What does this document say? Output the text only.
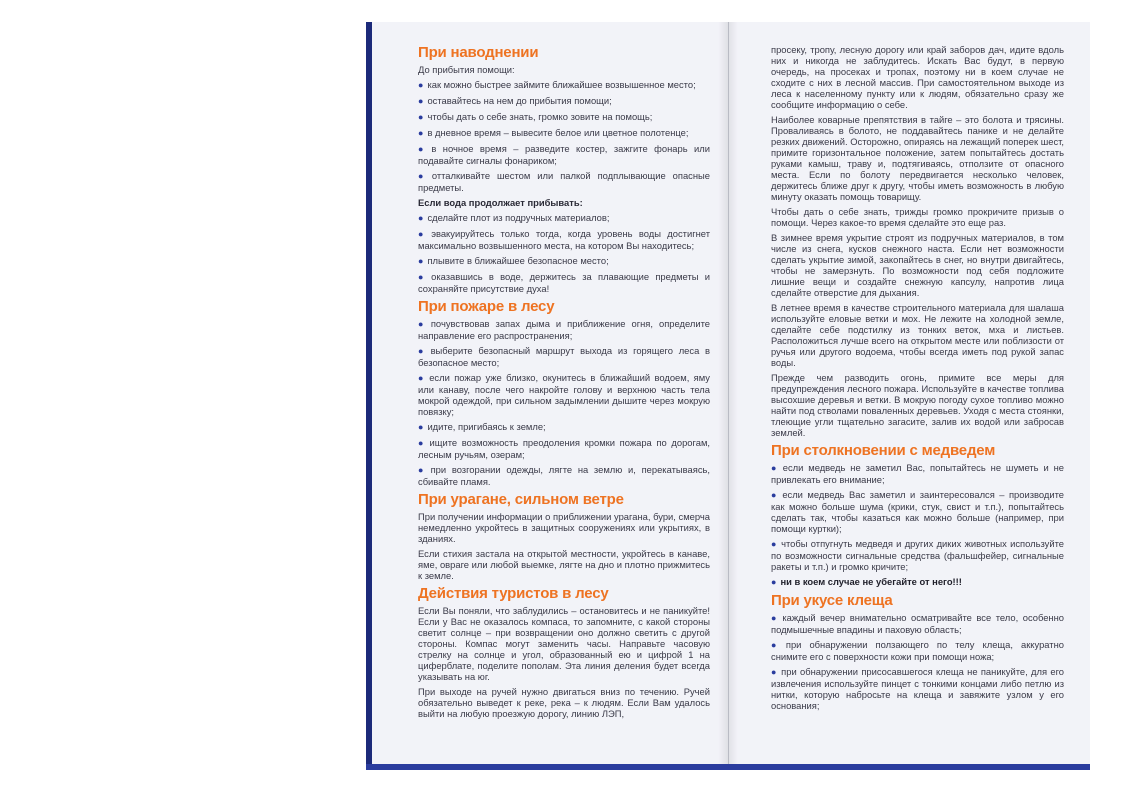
При наводнении

До прибытия помощи:

● как можно быстрее займите ближайшее возвышенное место;
● оставайтесь на нем до прибытия помощи;
● чтобы дать о себе знать, громко зовите на помощь;
● в дневное время – вывесите белое или цветное полотенце;
● в ночное время – разведите костер, зажгите фонарь или подавайте сигналы фонариком;
● отталкивайте шестом или палкой подплывающие опасные предметы.

Если вода продолжает прибывать:

● сделайте плот из подручных материалов;
● эвакуируйтесь только тогда, когда уровень воды достигнет максимально возвышенного места, на котором Вы находитесь;
● плывите в ближайшее безопасное место;
● оказавшись в воде, держитесь за плавающие предметы и сохраняйте присутствие духа!
При пожаре в лесу
● почувствовав запах дыма и приближение огня, определите направление его распространения;
● выберите безопасный маршрут выхода из горящего леса в безопасное место;
● если пожар уже близко, окунитесь в ближайший водоем, яму или канаву, после чего накройте голову и верхнюю часть тела мокрой одеждой, при сильном задымлении дышите через мокрую повязку;
● идите, пригибаясь к земле;
● ищите возможность преодоления кромки пожара по дорогам, лесным ручьям, озерам;
● при возгорании одежды, лягте на землю и, перекатываясь, сбивайте пламя.
При урагане, сильном ветре

При получении информации о приближении урагана, бури, смерча немедленно укройтесь в защитных сооружениях или укрытиях, в зданиях.

Если стихия застала на открытой местности, укройтесь в канаве, яме, овраге или любой выемке, лягте на дно и плотно прижмитесь к земле.

Действия туристов в лесу

Если Вы поняли, что заблудились – остановитесь и не паникуйте! Если у Вас не оказалось компаса, то запомните, с какой стороны светит солнце – при возвращении оно должно светить с другой стороны. Компас могут заменить часы. Направьте часовую стрелку на солнце и угол, образованный ею и цифрой 1 на циферблате, поделите пополам. Эта линия деления будет всегда указывать на юг.

При выходе на ручей нужно двигаться вниз по течению. Ручей обязательно выведет к реке, река – к людям. Если Вам удалось выйти на любую проезжую дорогу, линию ЛЭП,

просеку, тропу, лесную дорогу или край заборов дач, идите вдоль них и никогда не заблудитесь. Искать Вас будут, в первую очередь, на просеках и тропах, поэтому ни в коем случае не сходите с них в лесной массив. При самостоятельном выходе из леса к населенному пункту или к людям, обязательно сразу же сообщите информацию о себе.

Наиболее коварные препятствия в тайге – это болота и трясины. Проваливаясь в болото, не поддавайтесь панике и не делайте резких движений. Осторожно, опираясь на лежащий поперек шест, примите горизонтальное положение, затем попытайтесь достать руками камыш, траву и, подтягиваясь, отползите от опасного места. Если по болоту передвигается несколько человек, держитесь ближе друг к другу, чтобы иметь возможность в любую минуту оказать помощь товарищу.

Чтобы дать о себе знать, трижды громко прокричите призыв о помощи. Через какое-то время сделайте это еще раз.

В зимнее время укрытие строят из подручных материалов, в том числе из снега, кусков снежного наста. Если нет возможности сделать укрытие зимой, закопайтесь в снег, но внутри двигайтесь, чтобы не замерзнуть. По возможности под себя подложите лишние вещи и создайте снежную капсулу, напротив лица сделайте отверстие для дыхания.

В летнее время в качестве строительного материала для шалаша используйте еловые ветки и мох. Не лежите на холодной земле, сделайте себе подстилку из тонких веток, мха и листьев. Расположиться лучше всего на открытом месте или поблизости от ручья или другого водоема, чтобы всегда иметь под рукой запас воды.

Прежде чем разводить огонь, примите все меры для предупреждения лесного пожара. Используйте в качестве топлива высохшие деревья и ветки. В мокрую погоду сухое топливо можно найти под стволами поваленных деревьев. Уходя с места стоянки, тлеющие угли тщательно загасите, залив их водой или забросав землей.

При столкновении с медведем
● если медведь не заметил Вас, попытайтесь не шуметь и не привлекать его внимание;
● если медведь Вас заметил и заинтересовался – производите как можно больше шума (крики, стук, свист и т.п.), попытайтесь сделать так, чтобы казаться как можно больше (например, при помощи куртки);
● чтобы отпугнуть медведя и других диких животных используйте по возможности сигнальные средства (фальшфейер, сигнальные ракеты и т.п.) и громко кричите;
● ни в коем случае не убегайте от него!!!
При укусе клеща
● каждый вечер внимательно осматривайте все тело, особенно подмышечные впадины и паховую область;
● при обнаружении ползающего по телу клеща, аккуратно снимите его с поверхности кожи при помощи ножа;
● при обнаружении присосавшегося клеща не паникуйте, для его извлечения используйте пинцет с тонкими концами либо петлю из нитки, которую набросьте на клеща и завяжите узлом у его основания;
